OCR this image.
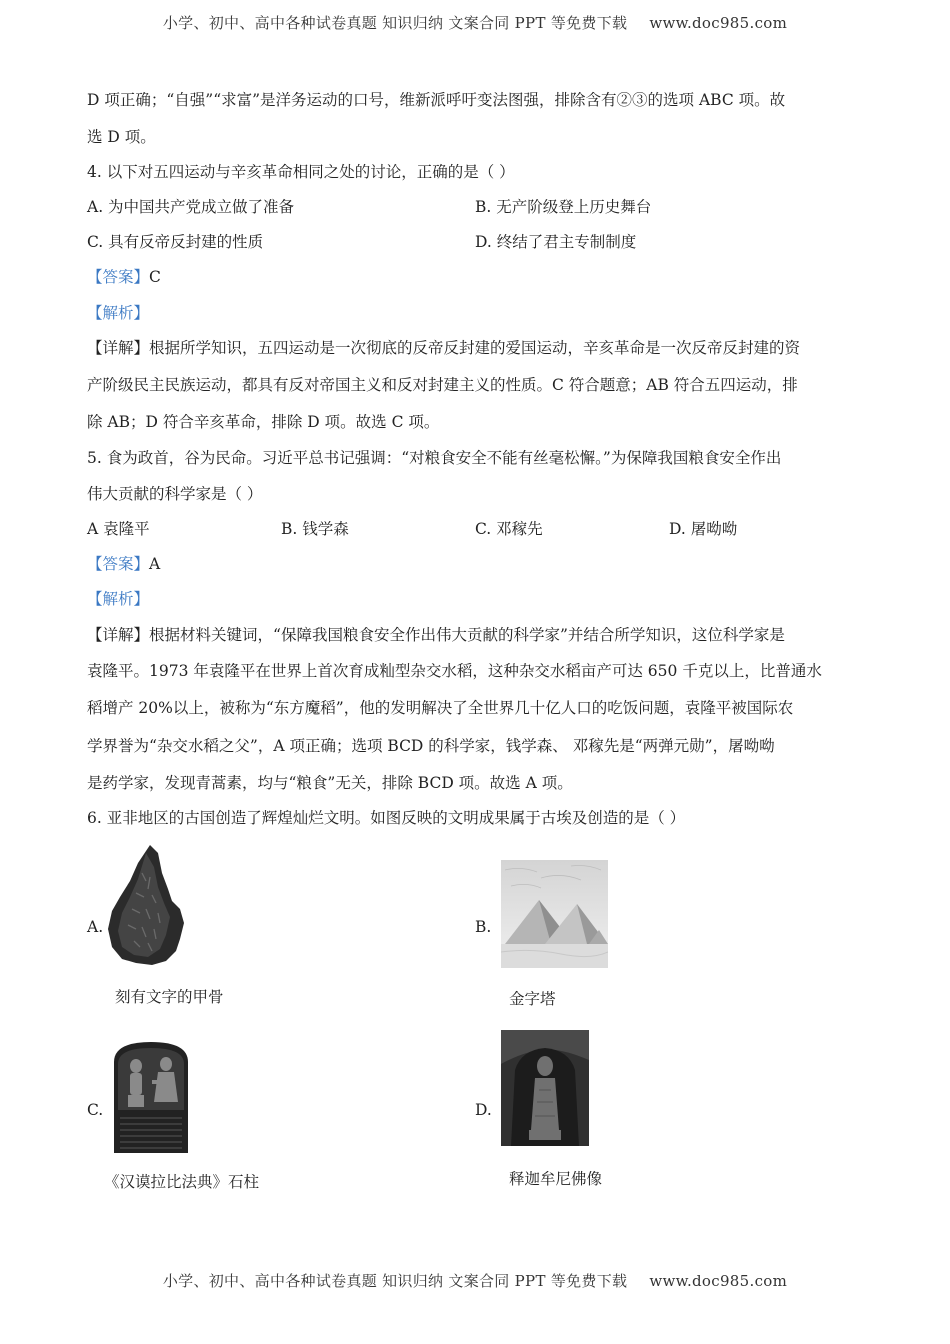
小学、初中、高中各种试卷真题 知识归纳 文案合同 PPT 等免费下载 www.doc985.com
D 项正确；“自强”“求富”是洋务运动的口号，维新派呼吁变法图强，排除含有②③的选项 ABC 项。故
选 D 项。
4. 以下对五四运动与辛亥革命相同之处的讨论，正确的是（ ）
A. 为中国共产党成立做了准备	B. 无产阶级登上历史舞台
C. 具有反帝反封建的性质	D. 终结了君主专制制度
【答案】C
【解析】
【详解】根据所学知识，五四运动是一次彻底的反帝反封建的爱国运动，辛亥革命是一次反帝反封建的资
产阶级民主民族运动，都具有反对帝国主义和反对封建主义的性质。C 符合题意；AB 符合五四运动，排
除 AB；D 符合辛亥革命，排除 D 项。故选 C 项。
5. 食为政首，谷为民命。习近平总书记强调：“对粮食安全不能有丝毫松懈。”为保障我国粮食安全作出
伟大贡献的科学家是（ ）
A 袁隆平	B. 钱学森	C. 邓稼先	D. 屠呦呦
【答案】A
【解析】
【详解】根据材料关键词，“保障我国粮食安全作出伟大贡献的科学家”并结合所学知识，这位科学家是
袁隆平。1973 年袁隆平在世界上首次育成籼型杂交水稻，这种杂交水稻亩产可达 650 千克以上，比普通水
稻增产 20%以上，被称为“东方魔稻”，他的发明解决了全世界几十亿人口的吃饭问题，袁隆平被国际农
学界誉为“杂交水稻之父”，A 项正确；选项 BCD 的科学家，钱学森、 邓稼先是“两弹元勋”，屠呦呦
是药学家，发现青蒿素，均与“粮食”无关，排除 BCD 项。故选 A 项。
6. 亚非地区的古国创造了辉煌灿烂文明。如图反映的文明成果属于古埃及创造的是（ ）
A.
刻有文字的甲骨
B.
金字塔
C.
《汉谟拉比法典》石柱
D.
释迦牟尼佛像
小学、初中、高中各种试卷真题 知识归纳 文案合同 PPT 等免费下载 www.doc985.com
